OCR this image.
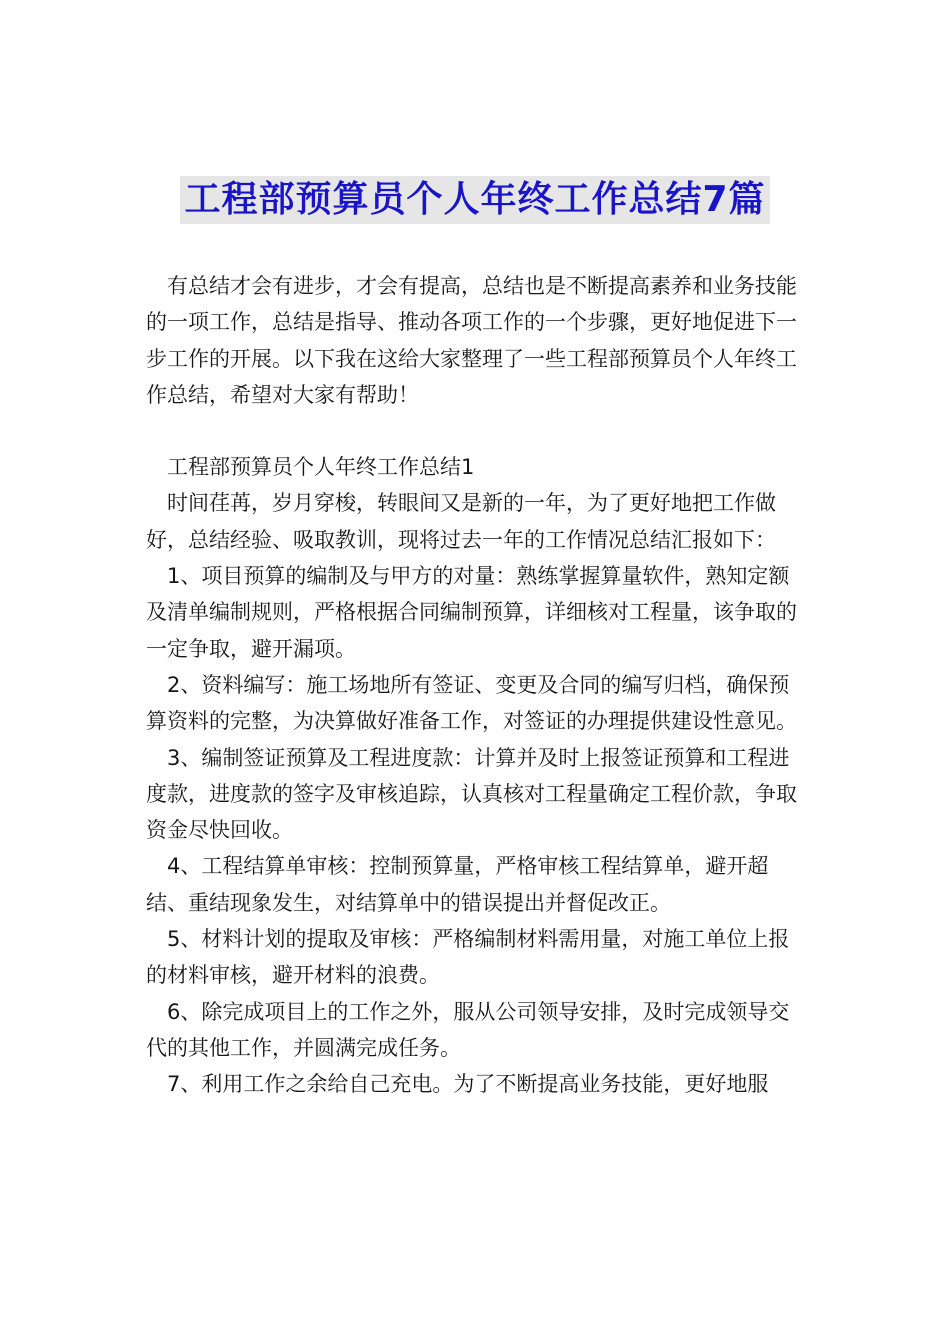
工程部预算员个人年终工作总结7篇

有总结才会有进步，才会有提高，总结也是不断提高素养和业务技能的一项工作，总结是指导、推动各项工作的一个步骤，更好地促进下一步工作的开展。以下我在这给大家整理了一些工程部预算员个人年终工作总结，希望对大家有帮助！

工程部预算员个人年终工作总结1

时间荏苒，岁月穿梭，转眼间又是新的一年，为了更好地把工作做好，总结经验、吸取教训，现将过去一年的工作情况总结汇报如下：

1、项目预算的编制及与甲方的对量：熟练掌握算量软件，熟知定额及清单编制规则，严格根据合同编制预算，详细核对工程量，该争取的一定争取，避开漏项。

2、资料编写：施工场地所有签证、变更及合同的编写归档，确保预算资料的完整，为决算做好准备工作，对签证的办理提供建设性意见。

3、编制签证预算及工程进度款：计算并及时上报签证预算和工程进度款，进度款的签字及审核追踪，认真核对工程量确定工程价款，争取资金尽快回收。

4、工程结算单审核：控制预算量，严格审核工程结算单，避开超结、重结现象发生，对结算单中的错误提出并督促改正。

5、材料计划的提取及审核：严格编制材料需用量，对施工单位上报的材料审核，避开材料的浪费。

6、除完成项目上的工作之外，服从公司领导安排，及时完成领导交代的其他工作，并圆满完成任务。

7、利用工作之余给自己充电。为了不断提高业务技能，更好地服
